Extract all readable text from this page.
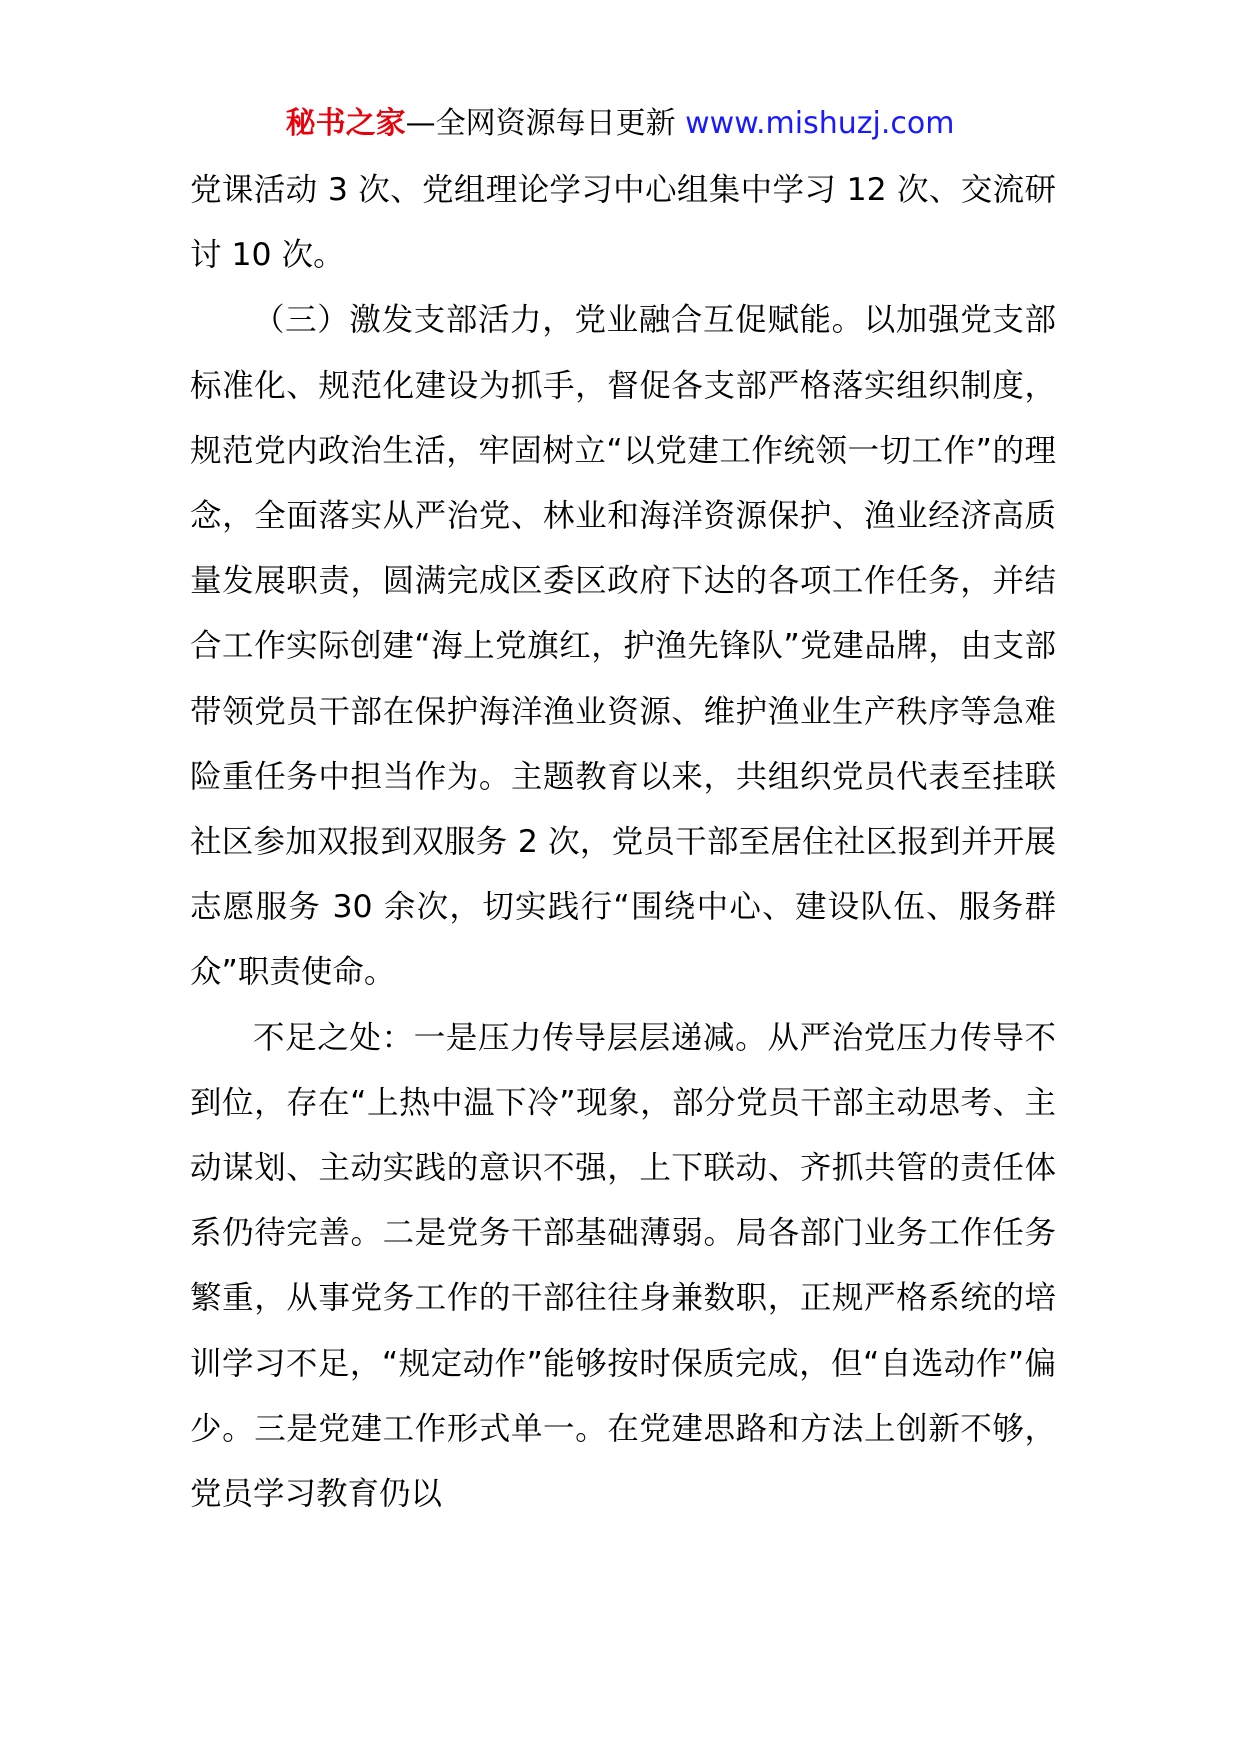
秘书之家—全网资源每日更新 www.mishuzj.com

党课活动 3 次、党组理论学习中心组集中学习 12 次、交流研讨 10 次。

（三）激发支部活力，党业融合互促赋能。以加强党支部标准化、规范化建设为抓手，督促各支部严格落实组织制度，规范党内政治生活，牢固树立“以党建工作统领一切工作”的理念，全面落实从严治党、林业和海洋资源保护、渔业经济高质量发展职责，圆满完成区委区政府下达的各项工作任务，并结合工作实际创建“海上党旗红，护渔先锋队”党建品牌，由支部带领党员干部在保护海洋渔业资源、维护渔业生产秩序等急难险重任务中担当作为。主题教育以来，共组织党员代表至挂联社区参加双报到双服务 2 次，党员干部至居住社区报到并开展志愿服务 30 余次，切实践行“围绕中心、建设队伍、服务群众”职责使命。

不足之处：一是压力传导层层递减。从严治党压力传导不到位，存在“上热中温下冷”现象，部分党员干部主动思考、主动谋划、主动实践的意识不强，上下联动、齐抓共管的责任体系仍待完善。二是党务干部基础薄弱。局各部门业务工作任务繁重，从事党务工作的干部往往身兼数职，正规严格系统的培训学习不足，“规定动作”能够按时保质完成，但“自选动作”偏少。三是党建工作形式单一。在党建思路和方法上创新不够，党员学习教育仍以
